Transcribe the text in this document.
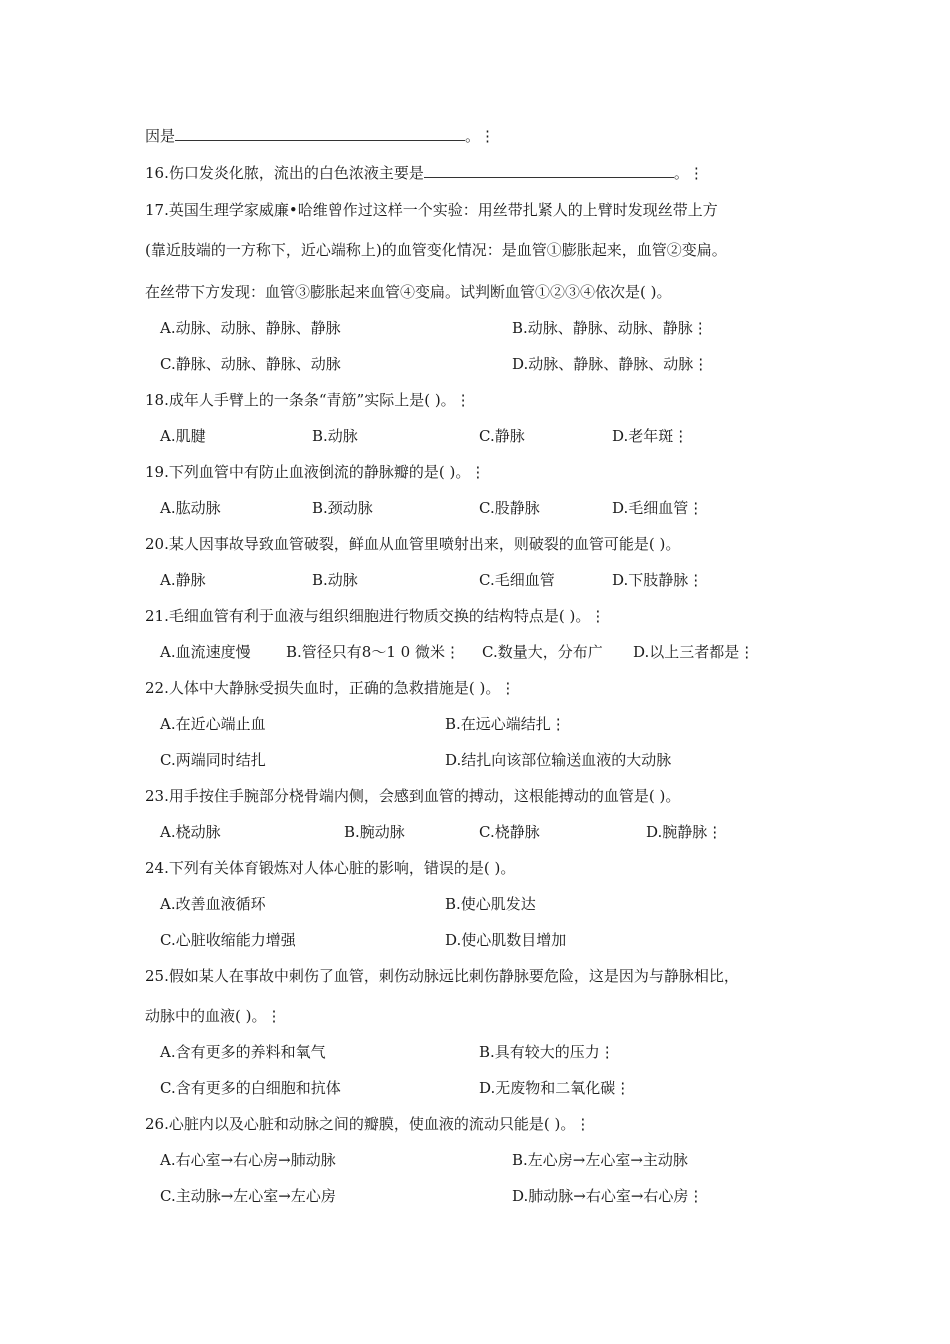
因是	。⋮
16.伤口发炎化脓，流出的白色浓液主要是	。⋮
17.英国生理学家威廉•哈维曾作过这样一个实验：用丝带扎紧人的上臂时发现丝带上方
(靠近肢端的一方称下，近心端称上)的血管变化情况：是血管①膨胀起来，血管②变扁。
在丝带下方发现：血管③膨胀起来血管④变扁。试判断血管①②③④依次是( )。
A.动脉、动脉、静脉、静脉	B.动脉、静脉、动脉、静脉⋮
C.静脉、动脉、静脉、动脉	D.动脉、静脉、静脉、动脉⋮
18.成年人手臂上的一条条“青筋”实际上是( )。⋮
A.肌腱	B.动脉	C.静脉	D.老年斑⋮
19.下列血管中有防止血液倒流的静脉瓣的是( )。⋮
A.肱动脉	B.颈动脉	C.股静脉	D.毛细血管⋮
20.某人因事故导致血管破裂，鲜血从血管里喷射出来，则破裂的血管可能是( )。
A.静脉	B.动脉	C.毛细血管	D.下肢静脉⋮
21.毛细血管有利于血液与组织细胞进行物质交换的结构特点是( )。⋮
A.血流速度慢 B.管径只有8～1 0 微米⋮ C.数量大，分布广 D.以上三者都是⋮
22.人体中大静脉受损失血时，正确的急救措施是( )。⋮
A.在近心端止血	B.在远心端结扎⋮
C.两端同时结扎	D.结扎向该部位输送血液的大动脉
23.用手按住手腕部分桡骨端内侧，会感到血管的搏动，这根能搏动的血管是( )。
A.桡动脉	B.腕动脉	C.桡静脉	D.腕静脉⋮
24.下列有关体育锻炼对人体心脏的影响，错误的是( )。
A.改善血液循环	B.使心肌发达
C.心脏收缩能力增强	D.使心肌数目增加
25.假如某人在事故中刺伤了血管，刺伤动脉远比刺伤静脉要危险，这是因为与静脉相比，
动脉中的血液( )。⋮
A.含有更多的养料和氧气	B.具有较大的压力⋮
C.含有更多的白细胞和抗体	D.无废物和二氧化碳⋮
26.心脏内以及心脏和动脉之间的瓣膜，使血液的流动只能是( )。⋮
A.右心室→右心房→肺动脉	B.左心房→左心室→主动脉
C.主动脉→左心室→左心房	D.肺动脉→右心室→右心房⋮
